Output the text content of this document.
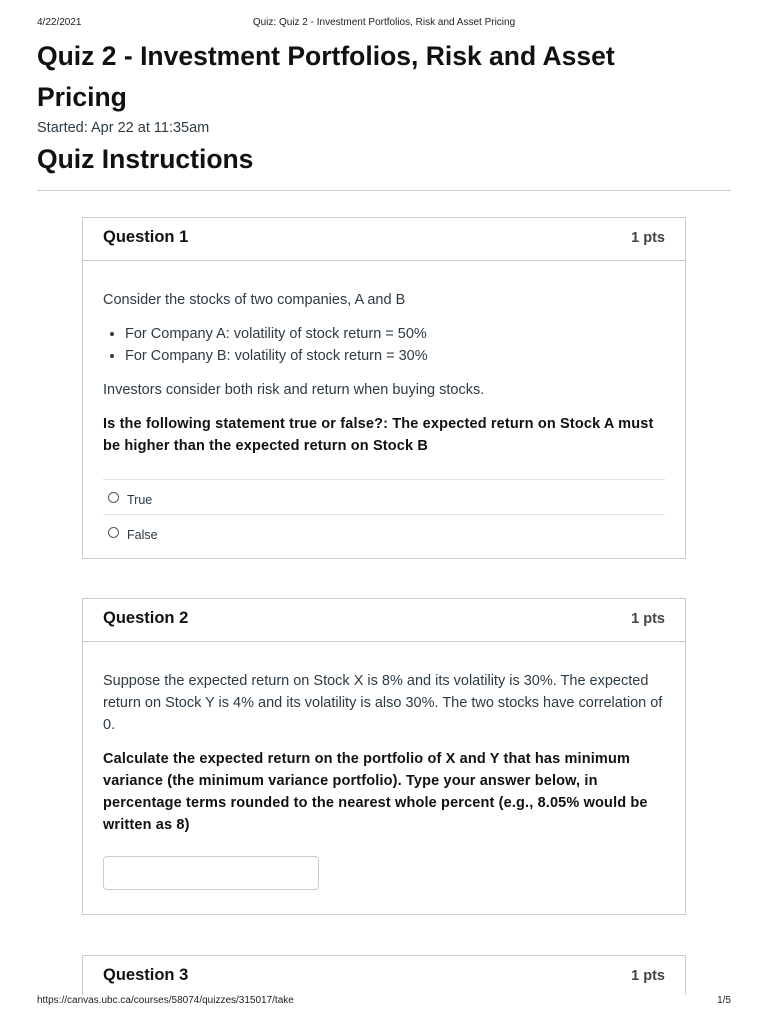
4/22/2021	Quiz: Quiz 2 - Investment Portfolios, Risk and Asset Pricing
Quiz 2 - Investment Portfolios, Risk and Asset Pricing

Started: Apr 22 at 11:35am

Quiz Instructions
Question 1	1 pts

Consider the stocks of two companies, A and B

• For Company A: volatility of stock return = 50%
• For Company B: volatility of stock return = 30%

Investors consider both risk and return when buying stocks.

Is the following statement true or false?: The expected return on Stock A must be higher than the expected return on Stock B

True
False
Question 2	1 pts

Suppose the expected return on Stock X is 8% and its volatility is 30%. The expected return on Stock Y is 4% and its volatility is also 30%. The two stocks have correlation of 0.

Calculate the expected return on the portfolio of X and Y that has minimum variance (the minimum variance portfolio). Type your answer below, in percentage terms rounded to the nearest whole percent (e.g., 8.05% would be written as 8)

Question 3	1 pts
https://canvas.ubc.ca/courses/58074/quizzes/315017/take	1/5
